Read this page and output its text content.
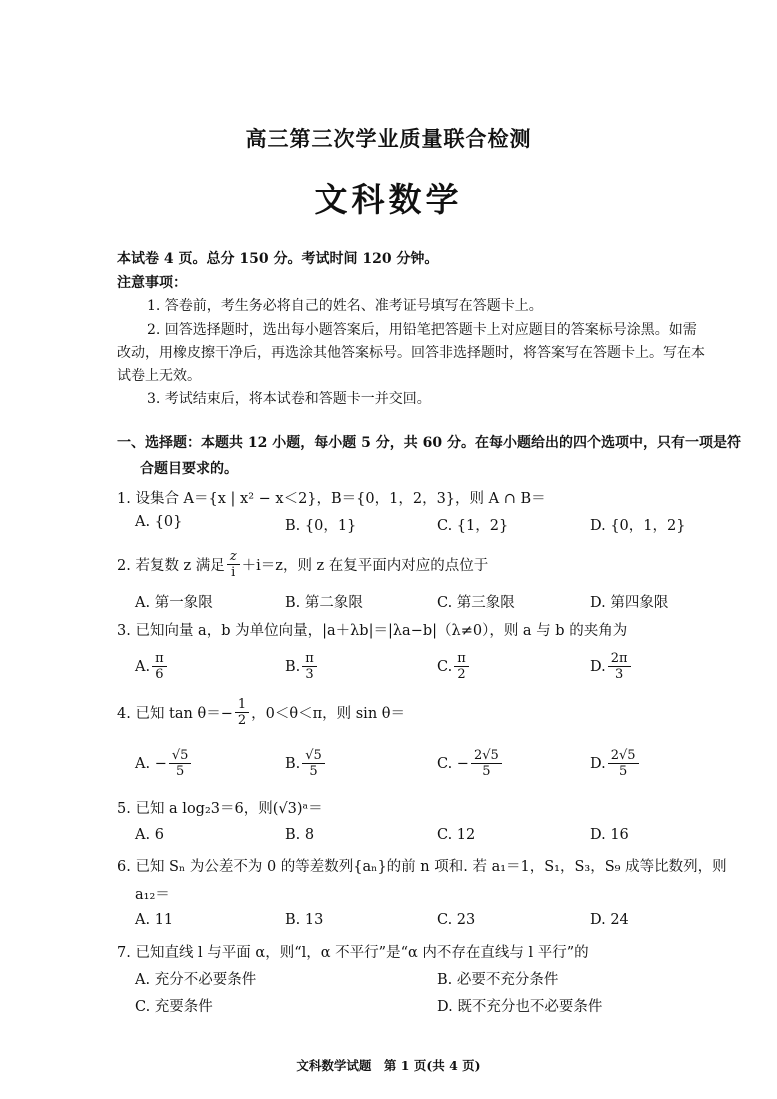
高三第三次学业质量联合检测
文科数学
本试卷 4 页。总分 150 分。考试时间 120 分钟。
注意事项：
1. 答卷前，考生务必将自己的姓名、准考证号填写在答题卡上。
2. 回答选择题时，选出每小题答案后，用铅笔把答题卡上对应题目的答案标号涂黑。如需
改动，用橡皮擦干净后，再选涂其他答案标号。回答非选择题时，将答案写在答题卡上。写在本
试卷上无效。
3. 考试结束后，将本试卷和答题卡一并交回。
一、选择题：本题共 12 小题，每小题 5 分，共 60 分。在每小题给出的四个选项中，只有一项是符
合题目要求的。
1. 设集合 A＝{x | x² − x＜2}，B＝{0，1，2，3}，则 A ∩ B＝
A. {0}	B. {0，1}	C. {1，2}	D. {0，1，2}
2. 若复数 z 满足 $\frac{z}{i} +i=z$，则 z 在复平面内对应的点位于
A. 第一象限	B. 第二象限	C. 第三象限	D. 第四象限
3. 已知向量 a，b 为单位向量，|a＋λb|＝|λa−b|（λ≠0），则 a 与 b 的夹角为
A. $\frac{\pi}{6}$	B. $\frac{\pi}{3}$	C. $\frac{\pi}{2}$	D. $\frac{2\pi}{3}$
4. 已知 $\tan \theta=- \frac{1}{2}$ ，0＜θ＜π，则 sin θ＝
A. − $\frac{√5}{5}$	B. $\frac{√5}{5}$	C. − $\frac{2√5}{5}$	D. $\frac{2√5}{5}$
5. 已知 a log₂3＝6，则(√3)ᵃ＝
A. 6	B. 8	C. 12	D. 16
6. 已知 Sₙ 为公差不为 0 的等差数列{aₙ}的前 n 项和. 若 a₁＝1，S₁，S₃，S₉ 成等比数列，则
a₁₂＝
A. 11	B. 13	C. 23	D. 24
7. 已知直线 l 与平面 α，则“l，α 不平行”是“α 内不存在直线与 l 平行”的
A. 充分不必要条件	B. 必要不充分条件
C. 充要条件	D. 既不充分也不必要条件
文科数学试题　第 1 页(共 4 页)
